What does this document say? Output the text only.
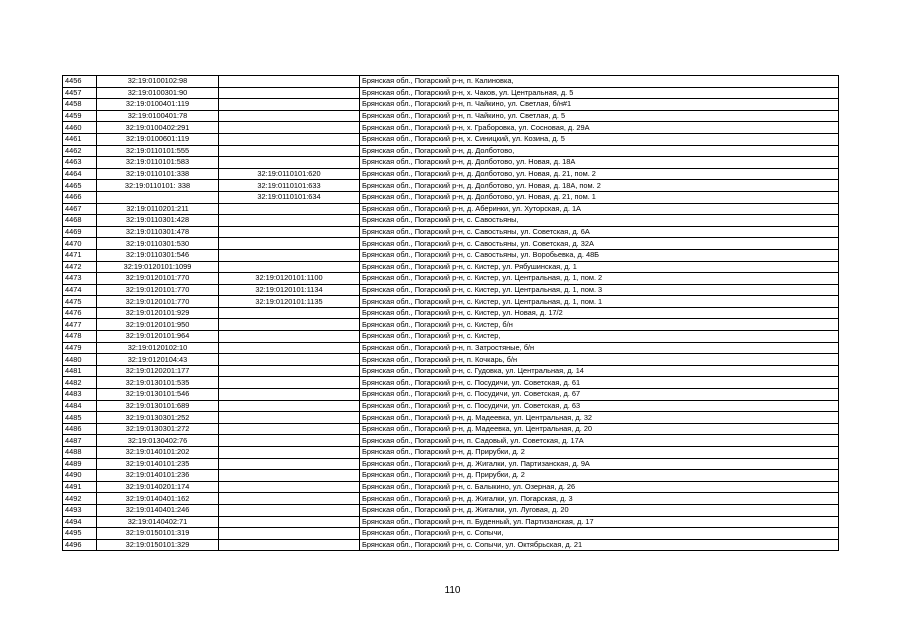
4456	32:19:0100102:98		Брянская обл., Погарский р-н, п. Калиновка,
4457	32:19:0100301:90		Брянская обл., Погарский р-н, х. Чаков, ул. Центральная, д. 5
4458	32:19:0100401:119		Брянская обл., Погарский р-н, п. Чайкино, ул. Светлая, б/н#1
4459	32:19:0100401:78		Брянская обл., Погарский р-н, п. Чайкино, ул. Светлая, д. 5
4460	32:19:0100402:291		Брянская обл., Погарский р-н, х. Граборовка, ул. Сосновая, д. 29А
4461	32:19:0100601:119		Брянская обл., Погарский р-н, х. Синицкий, ул. Козина, д. 5
4462	32:19:0110101:555		Брянская обл., Погарский р-н, д. Долботово,
4463	32:19:0110101:583		Брянская обл., Погарский р-н, д. Долботово, ул. Новая, д. 18А
4464	32:19:0110101:338	32:19:0110101:620	Брянская обл., Погарский р-н, д. Долботово, ул. Новая, д. 21, пом. 2
4465	32:19:0110101: 338	32:19:0110101:633	Брянская обл., Погарский р-н, д. Долботово, ул. Новая, д. 18А, пом. 2
4466		32:19:0110101:634	Брянская обл., Погарский р-н, д. Долботово, ул. Новая, д. 21, пом. 1
4467	32:19:0110201:211		Брянская обл., Погарский р-н, д. Аберинки, ул. Хуторская, д. 1А
4468	32:19:0110301:428		Брянская обл., Погарский р-н, с. Савостьяны,
4469	32:19:0110301:478		Брянская обл., Погарский р-н, с. Савостьяны, ул. Советская, д. 6А
4470	32:19:0110301:530		Брянская обл., Погарский р-н, с. Савостьяны, ул. Советская, д. 32А
4471	32:19:0110301:546		Брянская обл., Погарский р-н, с. Савостьяны, ул. Воробьевка, д. 48Б
4472	32:19:0120101:1099		Брянская обл., Погарский р-н, с. Кистер, ул. Рябушинская, д. 1
4473	32:19:0120101:770	32:19:0120101:1100	Брянская обл., Погарский р-н, с. Кистер, ул. Центральная, д. 1, пом. 2
4474	32:19:0120101:770	32:19:0120101:1134	Брянская обл., Погарский р-н, с. Кистер, ул. Центральная, д. 1, пом. 3
4475	32:19:0120101:770	32:19:0120101:1135	Брянская обл., Погарский р-н, с. Кистер, ул. Центральная, д. 1, пом. 1
4476	32:19:0120101:929		Брянская обл., Погарский р-н, с. Кистер, ул. Новая, д. 17/2
4477	32:19:0120101:950		Брянская обл., Погарский р-н, с. Кистер, б/н
4478	32:19:0120101:964		Брянская обл., Погарский р-н, с. Кистер,
4479	32:19:0120102:10		Брянская обл., Погарский р-н, п. Затростяные, б/н
4480	32:19:0120104:43		Брянская обл., Погарский р-н, п. Кочкарь, б/н
4481	32:19:0120201:177		Брянская обл., Погарский р-н, с. Гудовка, ул. Центральная, д. 14
4482	32:19:0130101:535		Брянская обл., Погарский р-н, с. Посудичи, ул. Советская, д. 61
4483	32:19:0130101:546		Брянская обл., Погарский р-н, с. Посудичи, ул. Советская, д. 67
4484	32:19:0130101:689		Брянская обл., Погарский р-н, с. Посудичи, ул. Советская, д. 63
4485	32:19:0130301:252		Брянская обл., Погарский р-н, д. Мадеевка, ул. Центральная, д. 32
4486	32:19:0130301:272		Брянская обл., Погарский р-н, д. Мадеевка, ул. Центральная, д. 20
4487	32:19:0130402:76		Брянская обл., Погарский р-н, п. Садовый, ул. Советская, д. 17А
4488	32:19:0140101:202		Брянская обл., Погарский р-н, д. Прирубки, д. 2
4489	32:19:0140101:235		Брянская обл., Погарский р-н, д. Жигалки, ул. Партизанская, д. 9А
4490	32:19:0140101:236		Брянская обл., Погарский р-н, д. Прирубки, д. 2
4491	32:19:0140201:174		Брянская обл., Погарский р-н, с. Балыкино, ул. Озерная, д. 26
4492	32:19:0140401:162		Брянская обл., Погарский р-н, д. Жигалки, ул. Погарская, д. 3
4493	32:19:0140401:246		Брянская обл., Погарский р-н, д. Жигалки, ул. Луговая, д. 20
4494	32:19:0140402:71		Брянская обл., Погарский р-н, п. Буденный, ул. Партизанская, д. 17
4495	32:19:0150101:319		Брянская обл., Погарский р-н, с. Сопычи,
4496	32:19:0150101:329		Брянская обл., Погарский р-н, с. Сопычи, ул. Октябрьская, д. 21
110
